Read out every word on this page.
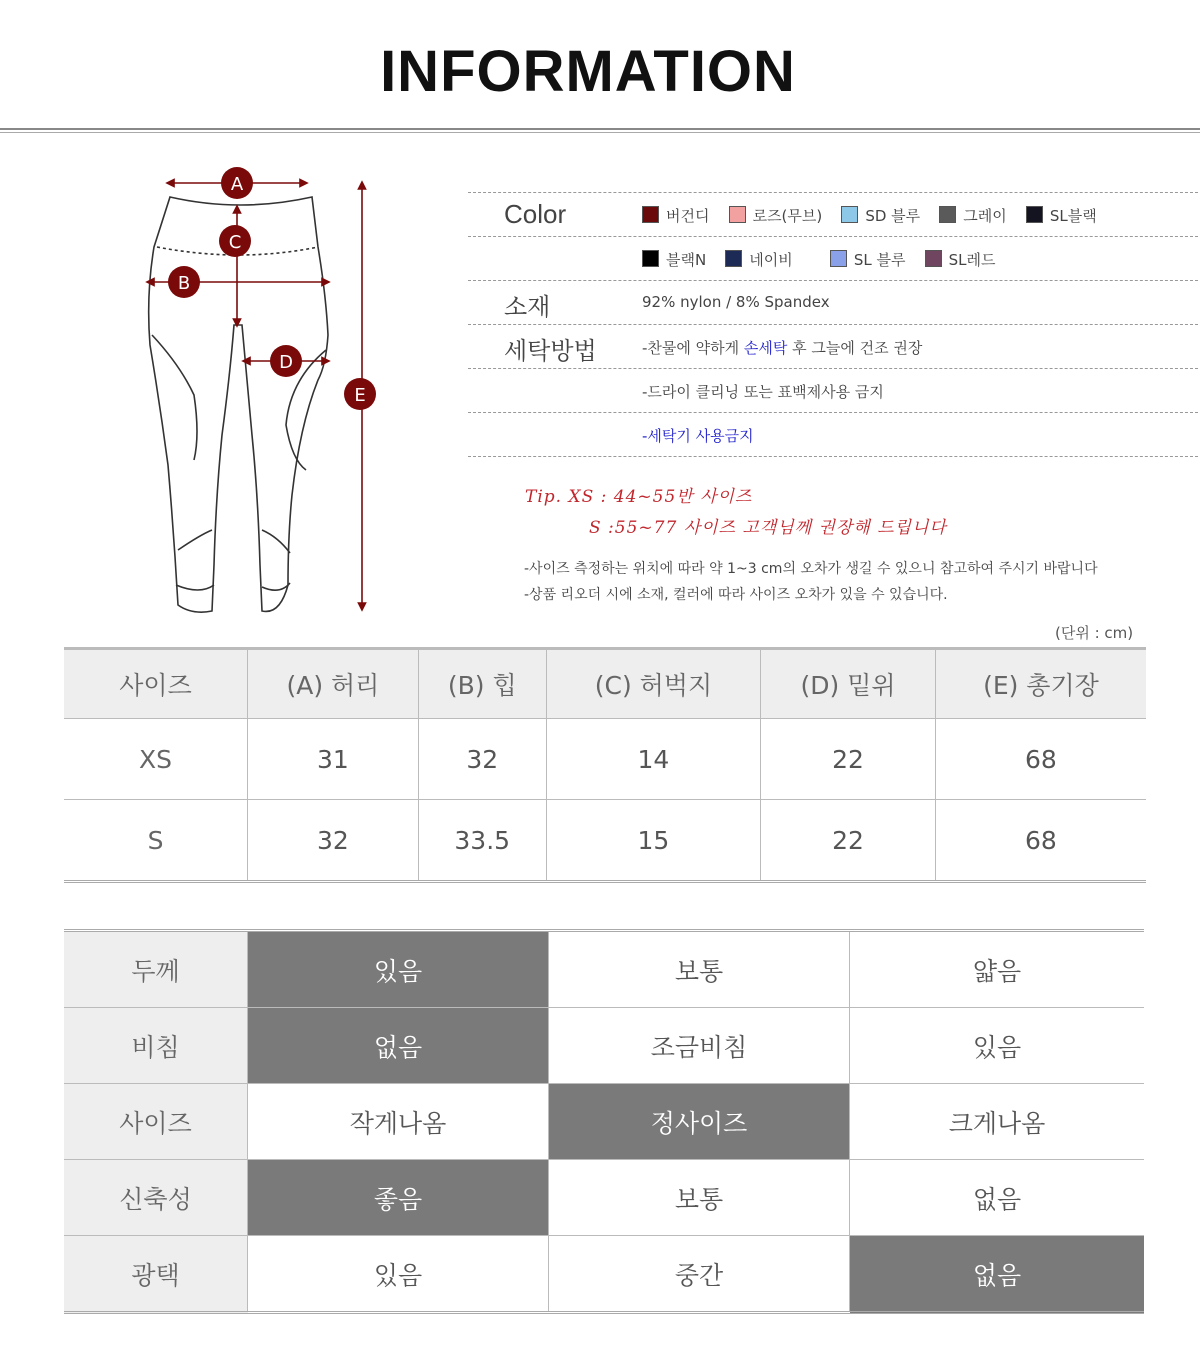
INFORMATION
A
C
B
D
E
Color	버건디	로즈(무브)	SD 블루	그레이	SL블랙
블랙N	네이비	SL 블루	SL레드
소재	92% nylon / 8% Spandex
세탁방법	-찬물에 약하게 손세탁 후 그늘에 건조 권장
-드라이 클리닝 또는 표백제사용 금지
-세탁기 사용금지
Tip. XS : 44~55반 사이즈
S :55~77 사이즈 고객님께 권장해 드립니다
-사이즈 측정하는 위치에 따라 약 1~3 cm의 오차가 생길 수 있으니 참고하여 주시기 바랍니다
-상품 리오더 시에 소재, 컬러에 따라 사이즈 오차가 있을 수 있습니다.
(단위 : cm)
사이즈	(A) 허리	(B) 힙	(C) 허벅지	(D) 밑위	(E) 총기장
XS	31	32	14	22	68
S	32	33.5	15	22	68
두께	있음	보통	얇음
비침	없음	조금비침	있음
사이즈	작게나옴	정사이즈	크게나옴
신축성	좋음	보통	없음
광택	있음	중간	없음
